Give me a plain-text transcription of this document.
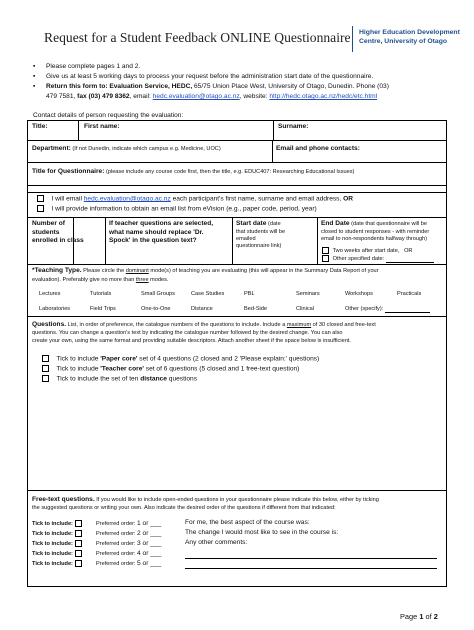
Request for a Student Feedback ONLINE Questionnaire Higher Education Development
Centre, University of Otago
▪ Please complete pages 1 and 2.
▪ Give us at least 5 working days to process your request before the administration start date of the questionnaire.
▪ Return this form to: Evaluation Service, HEDC, 65/75 Union Place West, University of Otago, Dunedin. Phone (03)
479 7581, fax (03) 479 8362, email: hedc.evaluation@otago.ac.nz, website: http://hedc.otago.ac.nz/hedc/etc.html
Contact details of person requesting the evaluation:
Title:	First name:	Surname:
Department: (If not Dunedin, indicate which campus e.g. Medicine, UOC)	Email and phone contacts:
Title for Questionnaire: (please include any course code first, then the title, e.g. EDUC407: Researching Educational Issues)
I will email hedc.evaluation@otago.ac.nz each participant's first name, surname and email address, OR
I will provide information to obtain an email list from eVision (e.g., paper code, period, year)
Number of
students
enrolled in class
If teacher questions are selected,
what name should replace 'Dr.
Spock' in the question text?
Start date (date
that students will be
emailed
questionnaire link)
End Date (date that questionnaire will be
closed to student responses - with reminder
email to non-respondents halfway through)
Two weeks after start date, OR
Other specified date:
*Teaching Type. Please circle the dominant mode(s) of teaching you are evaluating (this will appear in the Summary Data Report of your
evaluation). Preferably give no more than three modes.
Lectures	Tutorials	Small Groups	Case Studies	PBL	Seminars	Workshops	Practicals
Laboratories	Field Trips	One-to-One	Distance	Bed-Side	Clinical	Other (specify):
Questions. List, in order of preference, the catalogue numbers of the questions to include. Include a maximum of 30 closed and free-text
questions. You can change a question's text by indicating the catalogue number followed by the desired change. You can also
create your own, using the same format and providing suitable descriptors. Attach another sheet if the space below is insufficient.
Tick to include 'Paper core' set of 4 questions (2 closed and 2 'Please explain:' questions)
Tick to include 'Teacher core' set of 6 questions (5 closed and 1 free-text question)
Tick to include the set of ten distance questions
Free-text questions. If you would like to include open-ended questions in your questionnaire please indicate this below, either by ticking
the suggested questions or writing your own. Also indicate the desired order of the questions if different from that indicated:
Tick to include:	Preferred order: 1 or ___	For me, the best aspect of the course was:
Tick to include:	Preferred order: 2 or ___	The change I would most like to see in the course is:
Tick to include:	Preferred order: 3 or ___	Any other comments:
Tick to include:	Preferred order: 4 or ___
Tick to include:	Preferred order: 5 or ___
Page 1 of 2
